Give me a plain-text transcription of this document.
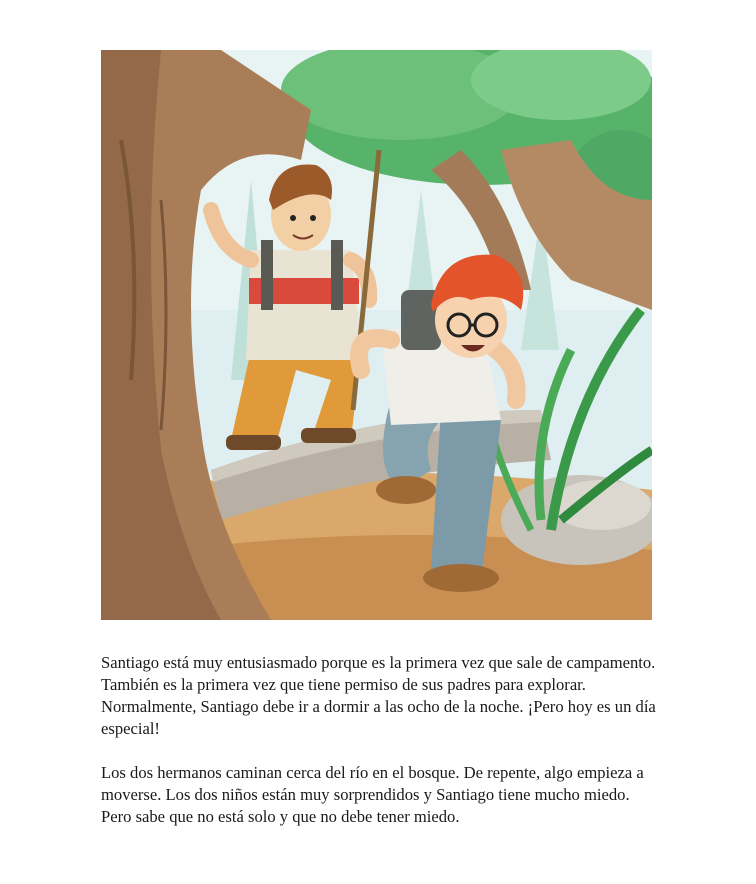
Santiago está muy entusiasmado porque es la primera vez que sale de campamento. También es la primera vez que tiene permiso de sus padres para explorar. Normalmente, Santiago debe ir a dormir a las ocho de la noche. ¡Pero hoy es un día especial!

Los dos hermanos caminan cerca del río en el bosque. De repente, algo empieza a moverse. Los dos niños están muy sorprendidos y Santiago tiene mucho miedo. Pero sabe que no está solo y que no debe tener miedo.
